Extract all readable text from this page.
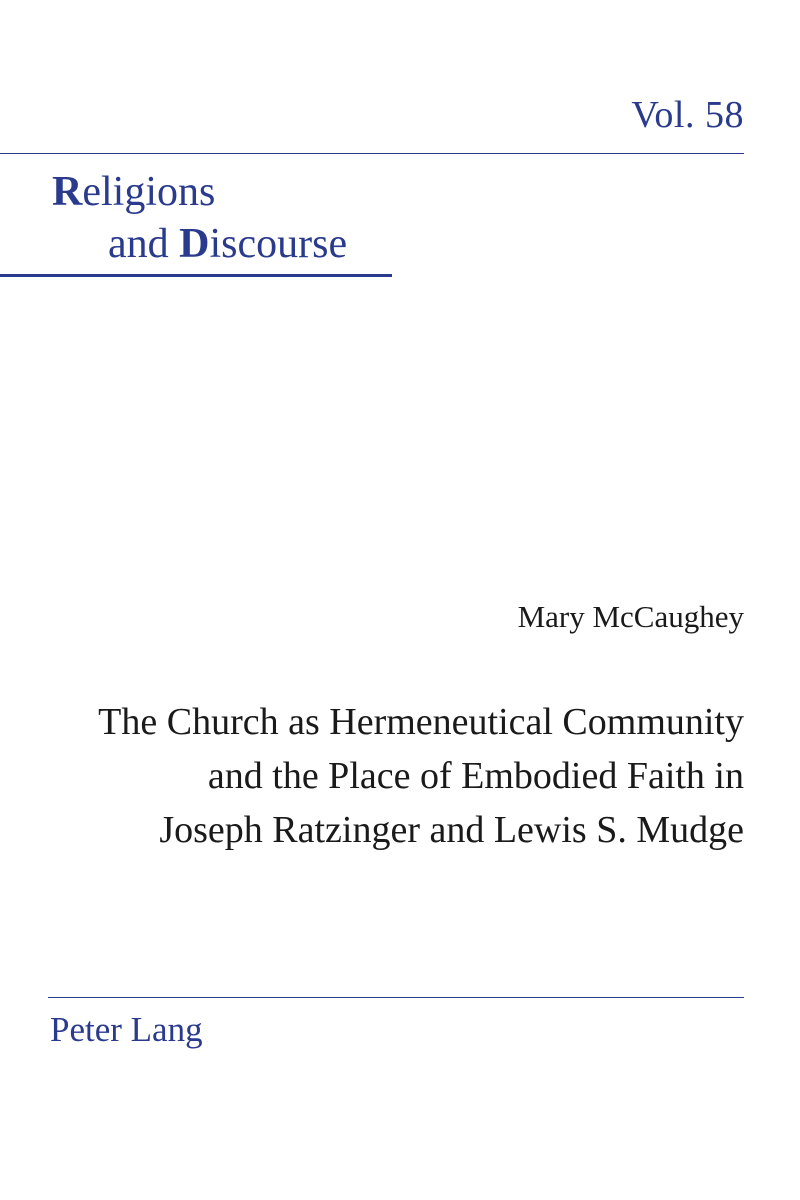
Vol. 58
Religions
and Discourse
Mary McCaughey
The Church as Hermeneutical Community
and the Place of Embodied Faith in
Joseph Ratzinger and Lewis S. Mudge
Peter Lang
